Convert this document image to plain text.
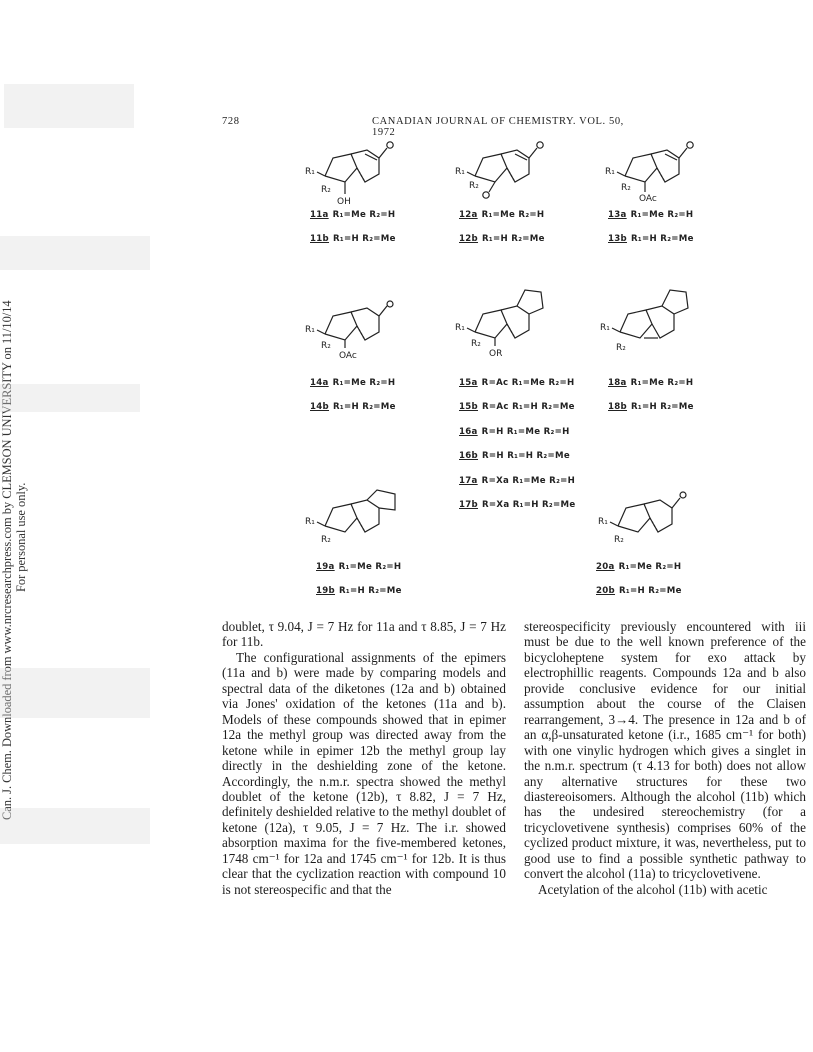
Can. J. Chem. Downloaded from www.nrcresearchpress.com by CLEMSON UNIVERSITY on 11/10/14 For personal use only.
728	CANADIAN JOURNAL OF CHEMISTRY. VOL. 50, 1972
R₁
R₂
OH
R₁
R₂
R₁
R₂
OAc
R₁
R₂
OAc
R₁
R₂
OR
R₁
R₂
R₁
R₂
R₁
R₂
11a R₁=Me R₂=H
11b R₁=H R₂=Me
12a R₁=Me R₂=H
12b R₁=H R₂=Me
13a R₁=Me R₂=H
13b R₁=H R₂=Me
14a R₁=Me R₂=H
14b R₁=H R₂=Me
15a R=Ac R₁=Me R₂=H
15b R=Ac R₁=H R₂=Me
16a R=H R₁=Me R₂=H
16b R=H R₁=H R₂=Me
17a R=Xa R₁=Me R₂=H
17b R=Xa R₁=H R₂=Me
18a R₁=Me R₂=H
18b R₁=H R₂=Me
19a R₁=Me R₂=H
19b R₁=H R₂=Me
20a R₁=Me R₂=H
20b R₁=H R₂=Me

doublet, τ 9.04, J = 7 Hz for 11a and τ 8.85, J = 7 Hz for 11b.

The configurational assignments of the epimers (11a and b) were made by comparing models and spectral data of the diketones (12a and b) obtained via Jones' oxidation of the ketones (11a and b). Models of these compounds showed that in epimer 12a the methyl group was directed away from the ketone while in epimer 12b the methyl group lay directly in the deshielding zone of the ketone. Accordingly, the n.m.r. spectra showed the methyl doublet of the ketone (12b), τ 8.82, J = 7 Hz, definitely deshielded relative to the methyl doublet of ketone (12a), τ 9.05, J = 7 Hz. The i.r. showed absorption maxima for the five-membered ketones, 1748 cm⁻¹ for 12a and 1745 cm⁻¹ for 12b. It is thus clear that the cyclization reaction with compound 10 is not stereospecific and that the

stereospecificity previously encountered with iii must be due to the well known preference of the bicycloheptene system for exo attack by electrophillic reagents. Compounds 12a and b also provide conclusive evidence for our initial assumption about the course of the Claisen rearrangement, 3→4. The presence in 12a and b of an α,β-unsaturated ketone (i.r., 1685 cm⁻¹ for both) with one vinylic hydrogen which gives a singlet in the n.m.r. spectrum (τ 4.13 for both) does not allow any alternative structures for these two diastereoisomers. Although the alcohol (11b) which has the undesired stereochemistry (for a tricyclovetivene synthesis) comprises 60% of the cyclized product mixture, it was, nevertheless, put to good use to find a possible synthetic pathway to convert the alcohol (11a) to tricyclovetivene.

Acetylation of the alcohol (11b) with acetic
